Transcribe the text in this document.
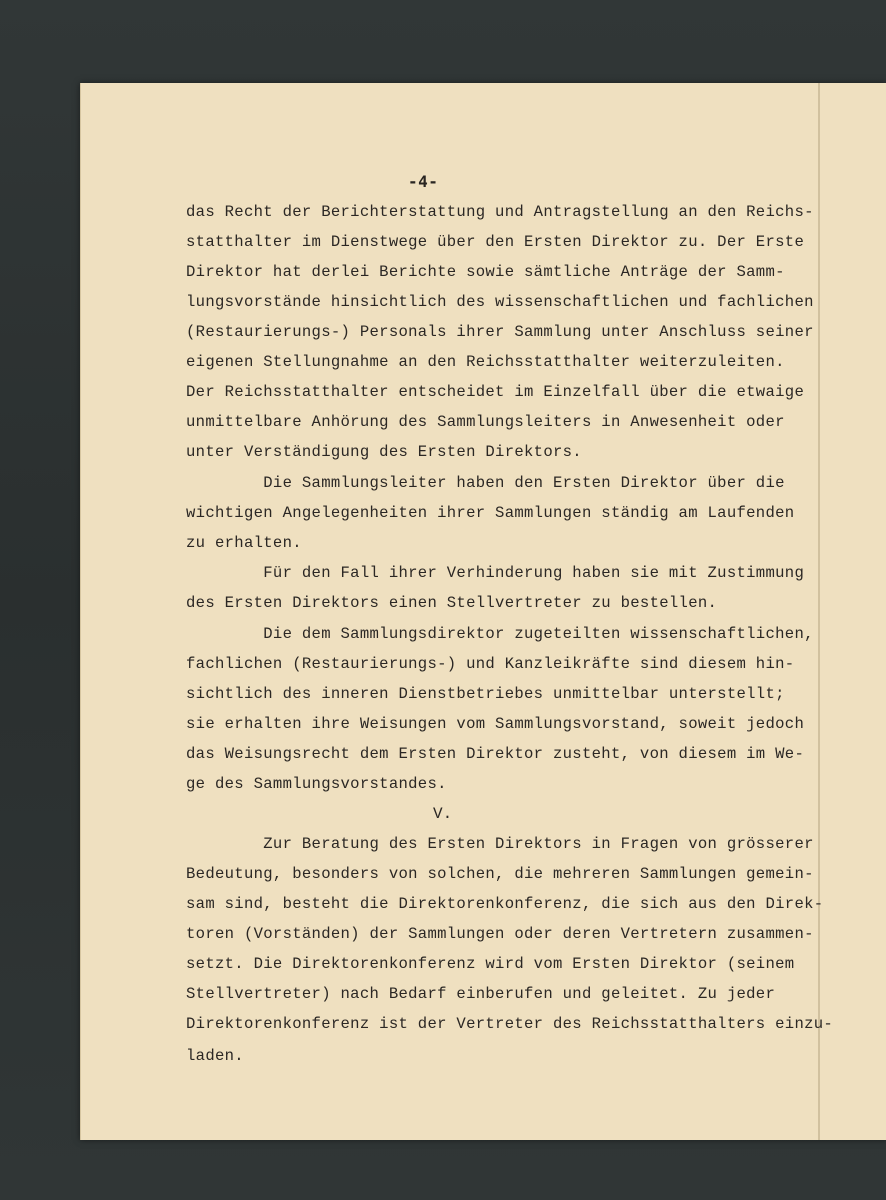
-4-
das Recht der Berichterstattung und Antragstellung an den Reichs-
statthalter im Dienstwege über den Ersten Direktor zu. Der Erste
Direktor hat derlei Berichte sowie sämtliche Anträge der Samm-
lungsvorstände hinsichtlich des wissenschaftlichen und fachlichen
(Restaurierungs-) Personals ihrer Sammlung unter Anschluss seiner
eigenen Stellungnahme an den Reichsstatthalter weiterzuleiten.
Der Reichsstatthalter entscheidet im Einzelfall über die etwaige
unmittelbare Anhörung des Sammlungsleiters in Anwesenheit oder
unter Verständigung des Ersten Direktors.
Die Sammlungsleiter haben den Ersten Direktor über die
wichtigen Angelegenheiten ihrer Sammlungen ständig am Laufenden
zu erhalten.
Für den Fall ihrer Verhinderung haben sie mit Zustimmung
des Ersten Direktors einen Stellvertreter zu bestellen.
Die dem Sammlungsdirektor zugeteilten wissenschaftlichen,
fachlichen (Restaurierungs-) und Kanzleikräfte sind diesem hin-
sichtlich des inneren Dienstbetriebes unmittelbar unterstellt;
sie erhalten ihre Weisungen vom Sammlungsvorstand, soweit jedoch
das Weisungsrecht dem Ersten Direktor zusteht, von diesem im We-
ge des Sammlungsvorstandes.
V.
Zur Beratung des Ersten Direktors in Fragen von grösserer
Bedeutung, besonders von solchen, die mehreren Sammlungen gemein-
sam sind, besteht die Direktorenkonferenz, die sich aus den Direk-
toren (Vorständen) der Sammlungen oder deren Vertretern zusammen-
setzt. Die Direktorenkonferenz wird vom Ersten Direktor (seinem
Stellvertreter) nach Bedarf einberufen und geleitet. Zu jeder
Direktorenkonferenz ist der Vertreter des Reichsstatthalters einzu-
laden.
